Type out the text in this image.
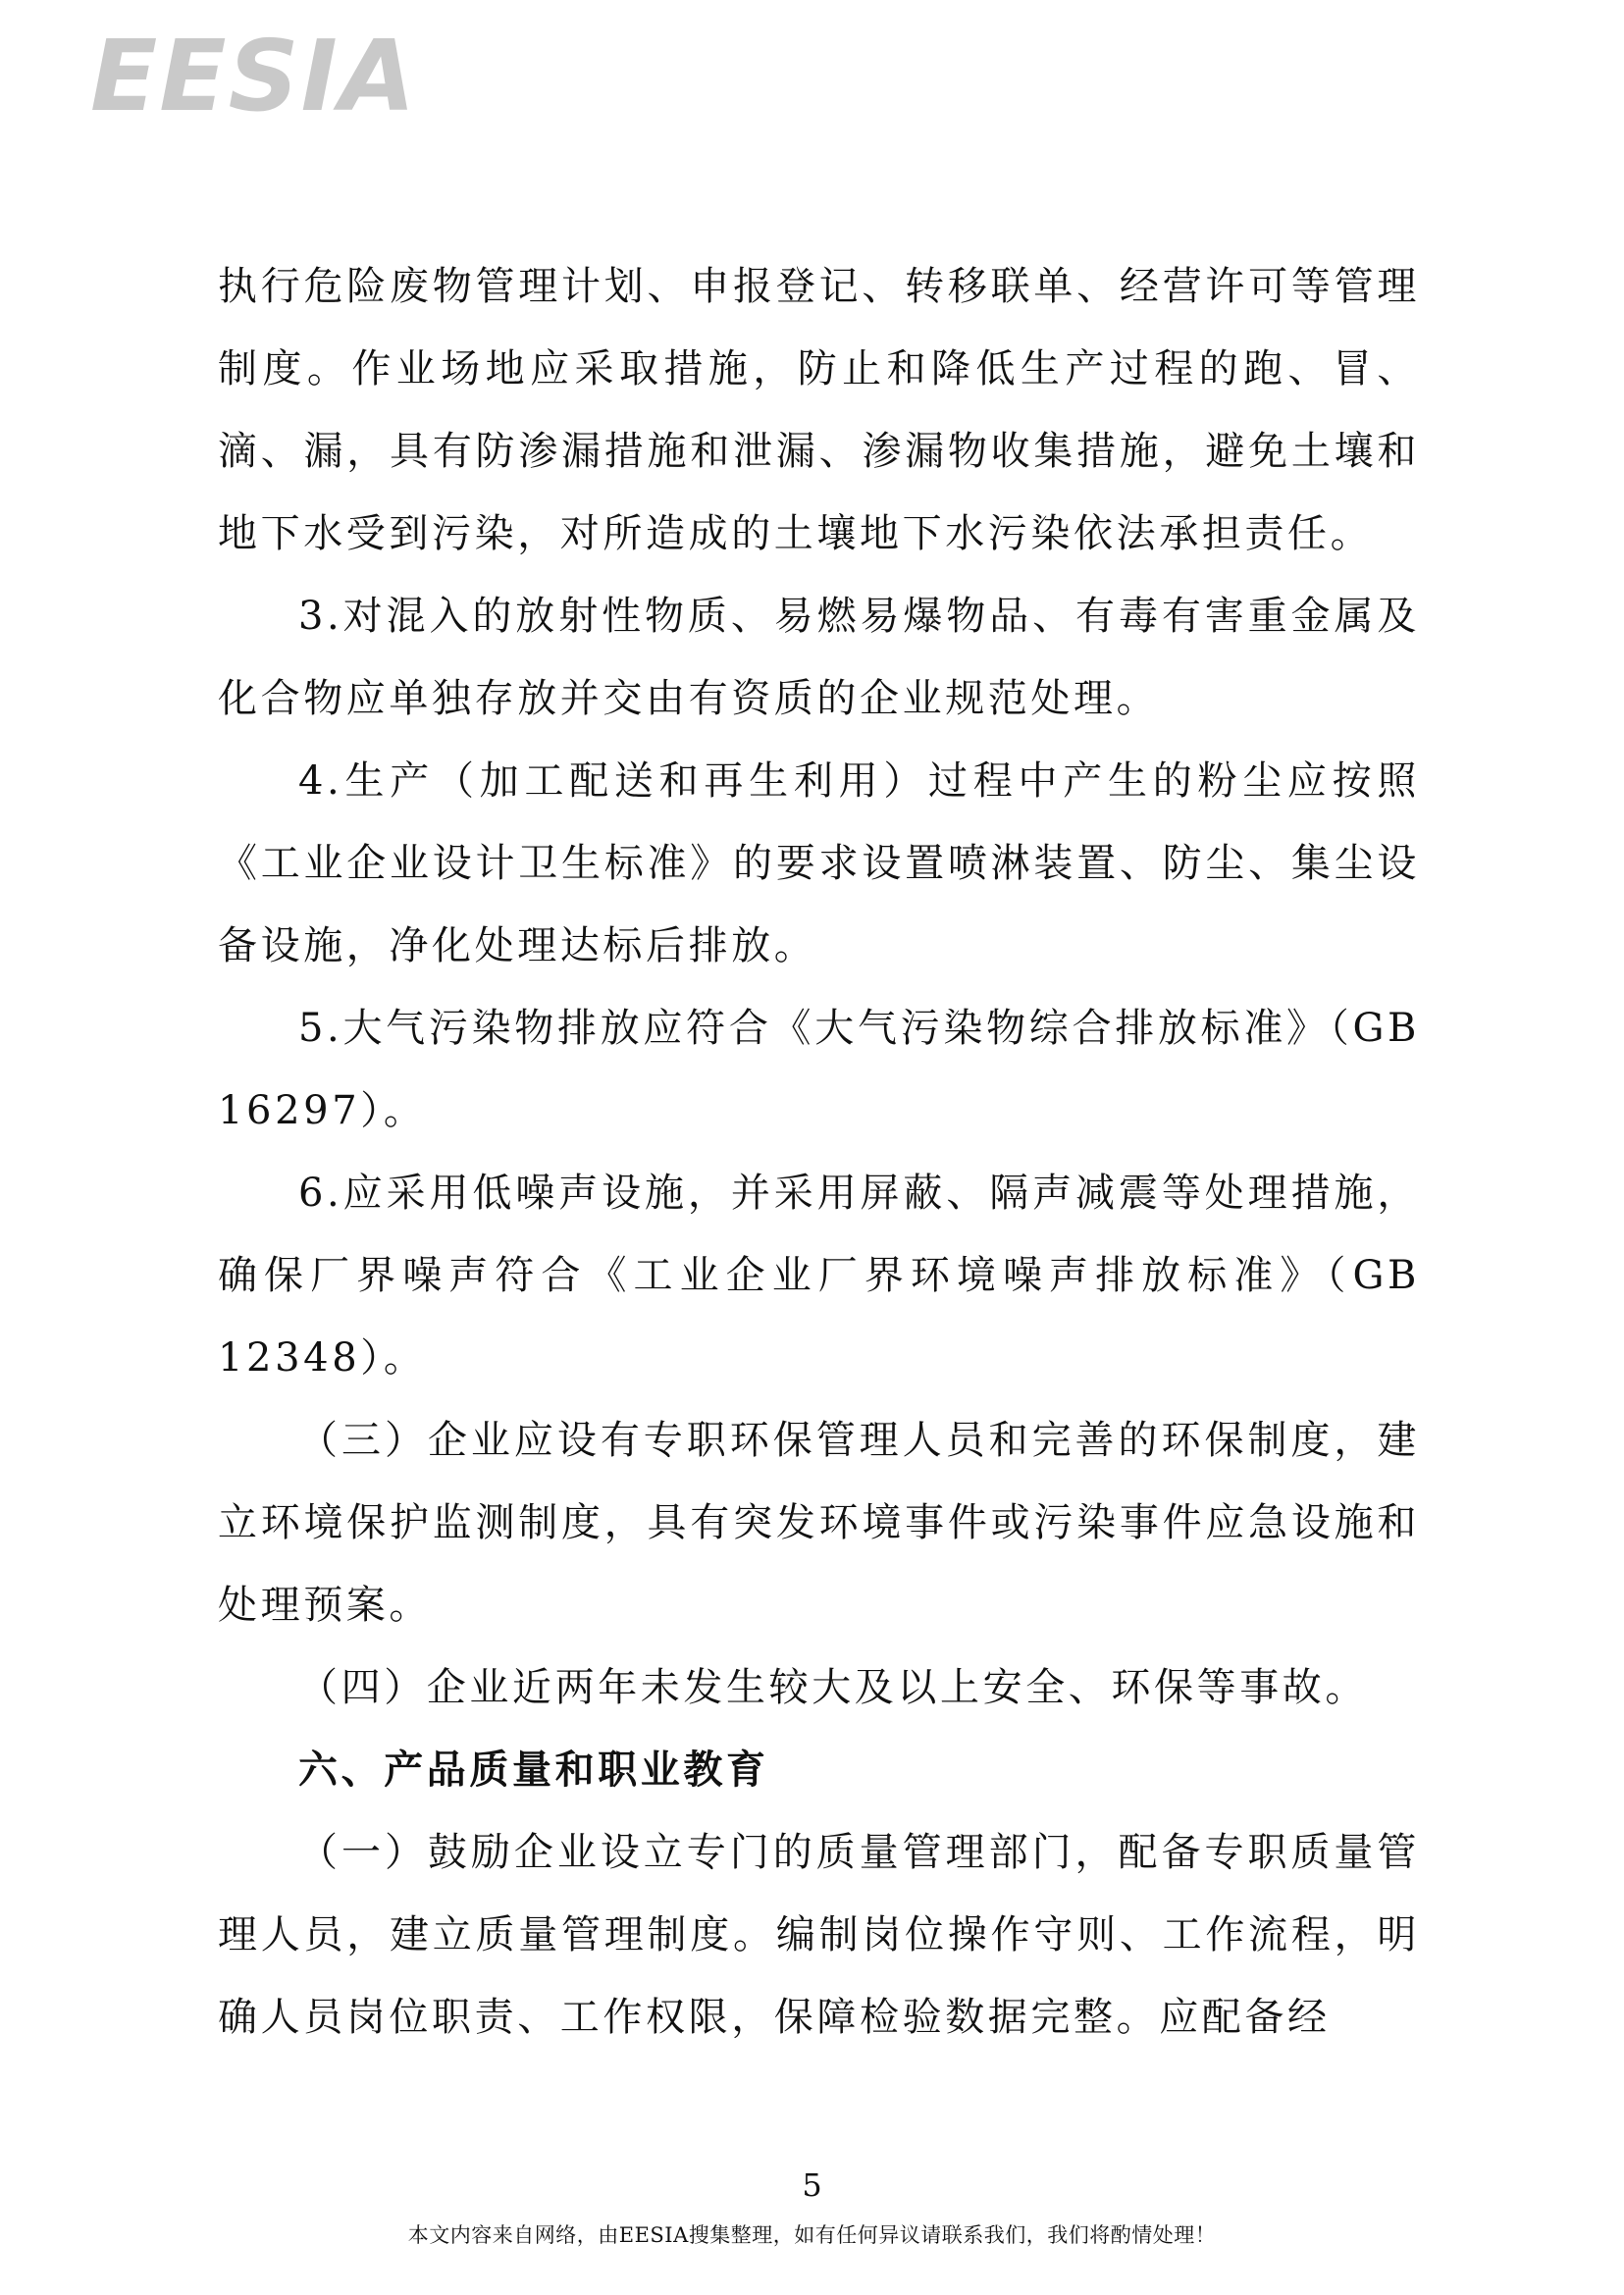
EESIA

执行危险废物管理计划、申报登记、转移联单、经营许可等管理制度。作业场地应采取措施，防止和降低生产过程的跑、冒、滴、漏，具有防渗漏措施和泄漏、渗漏物收集措施，避免土壤和地下水受到污染，对所造成的土壤地下水污染依法承担责任。

3.对混入的放射性物质、易燃易爆物品、有毒有害重金属及化合物应单独存放并交由有资质的企业规范处理。

4.生产（加工配送和再生利用）过程中产生的粉尘应按照《工业企业设计卫生标准》的要求设置喷淋装置、防尘、集尘设备设施，净化处理达标后排放。

5.大气污染物排放应符合《大气污染物综合排放标准》（GB 16297）。

6.应采用低噪声设施，并采用屏蔽、隔声减震等处理措施，确保厂界噪声符合《工业企业厂界环境噪声排放标准》（GB 12348）。

（三）企业应设有专职环保管理人员和完善的环保制度，建立环境保护监测制度，具有突发环境事件或污染事件应急设施和处理预案。

（四）企业近两年未发生较大及以上安全、环保等事故。

六、产品质量和职业教育

（一）鼓励企业设立专门的质量管理部门，配备专职质量管理人员，建立质量管理制度。编制岗位操作守则、工作流程，明确人员岗位职责、工作权限，保障检验数据完整。应配备经

5
本文内容来自网络，由EESIA搜集整理，如有任何异议请联系我们，我们将酌情处理！
